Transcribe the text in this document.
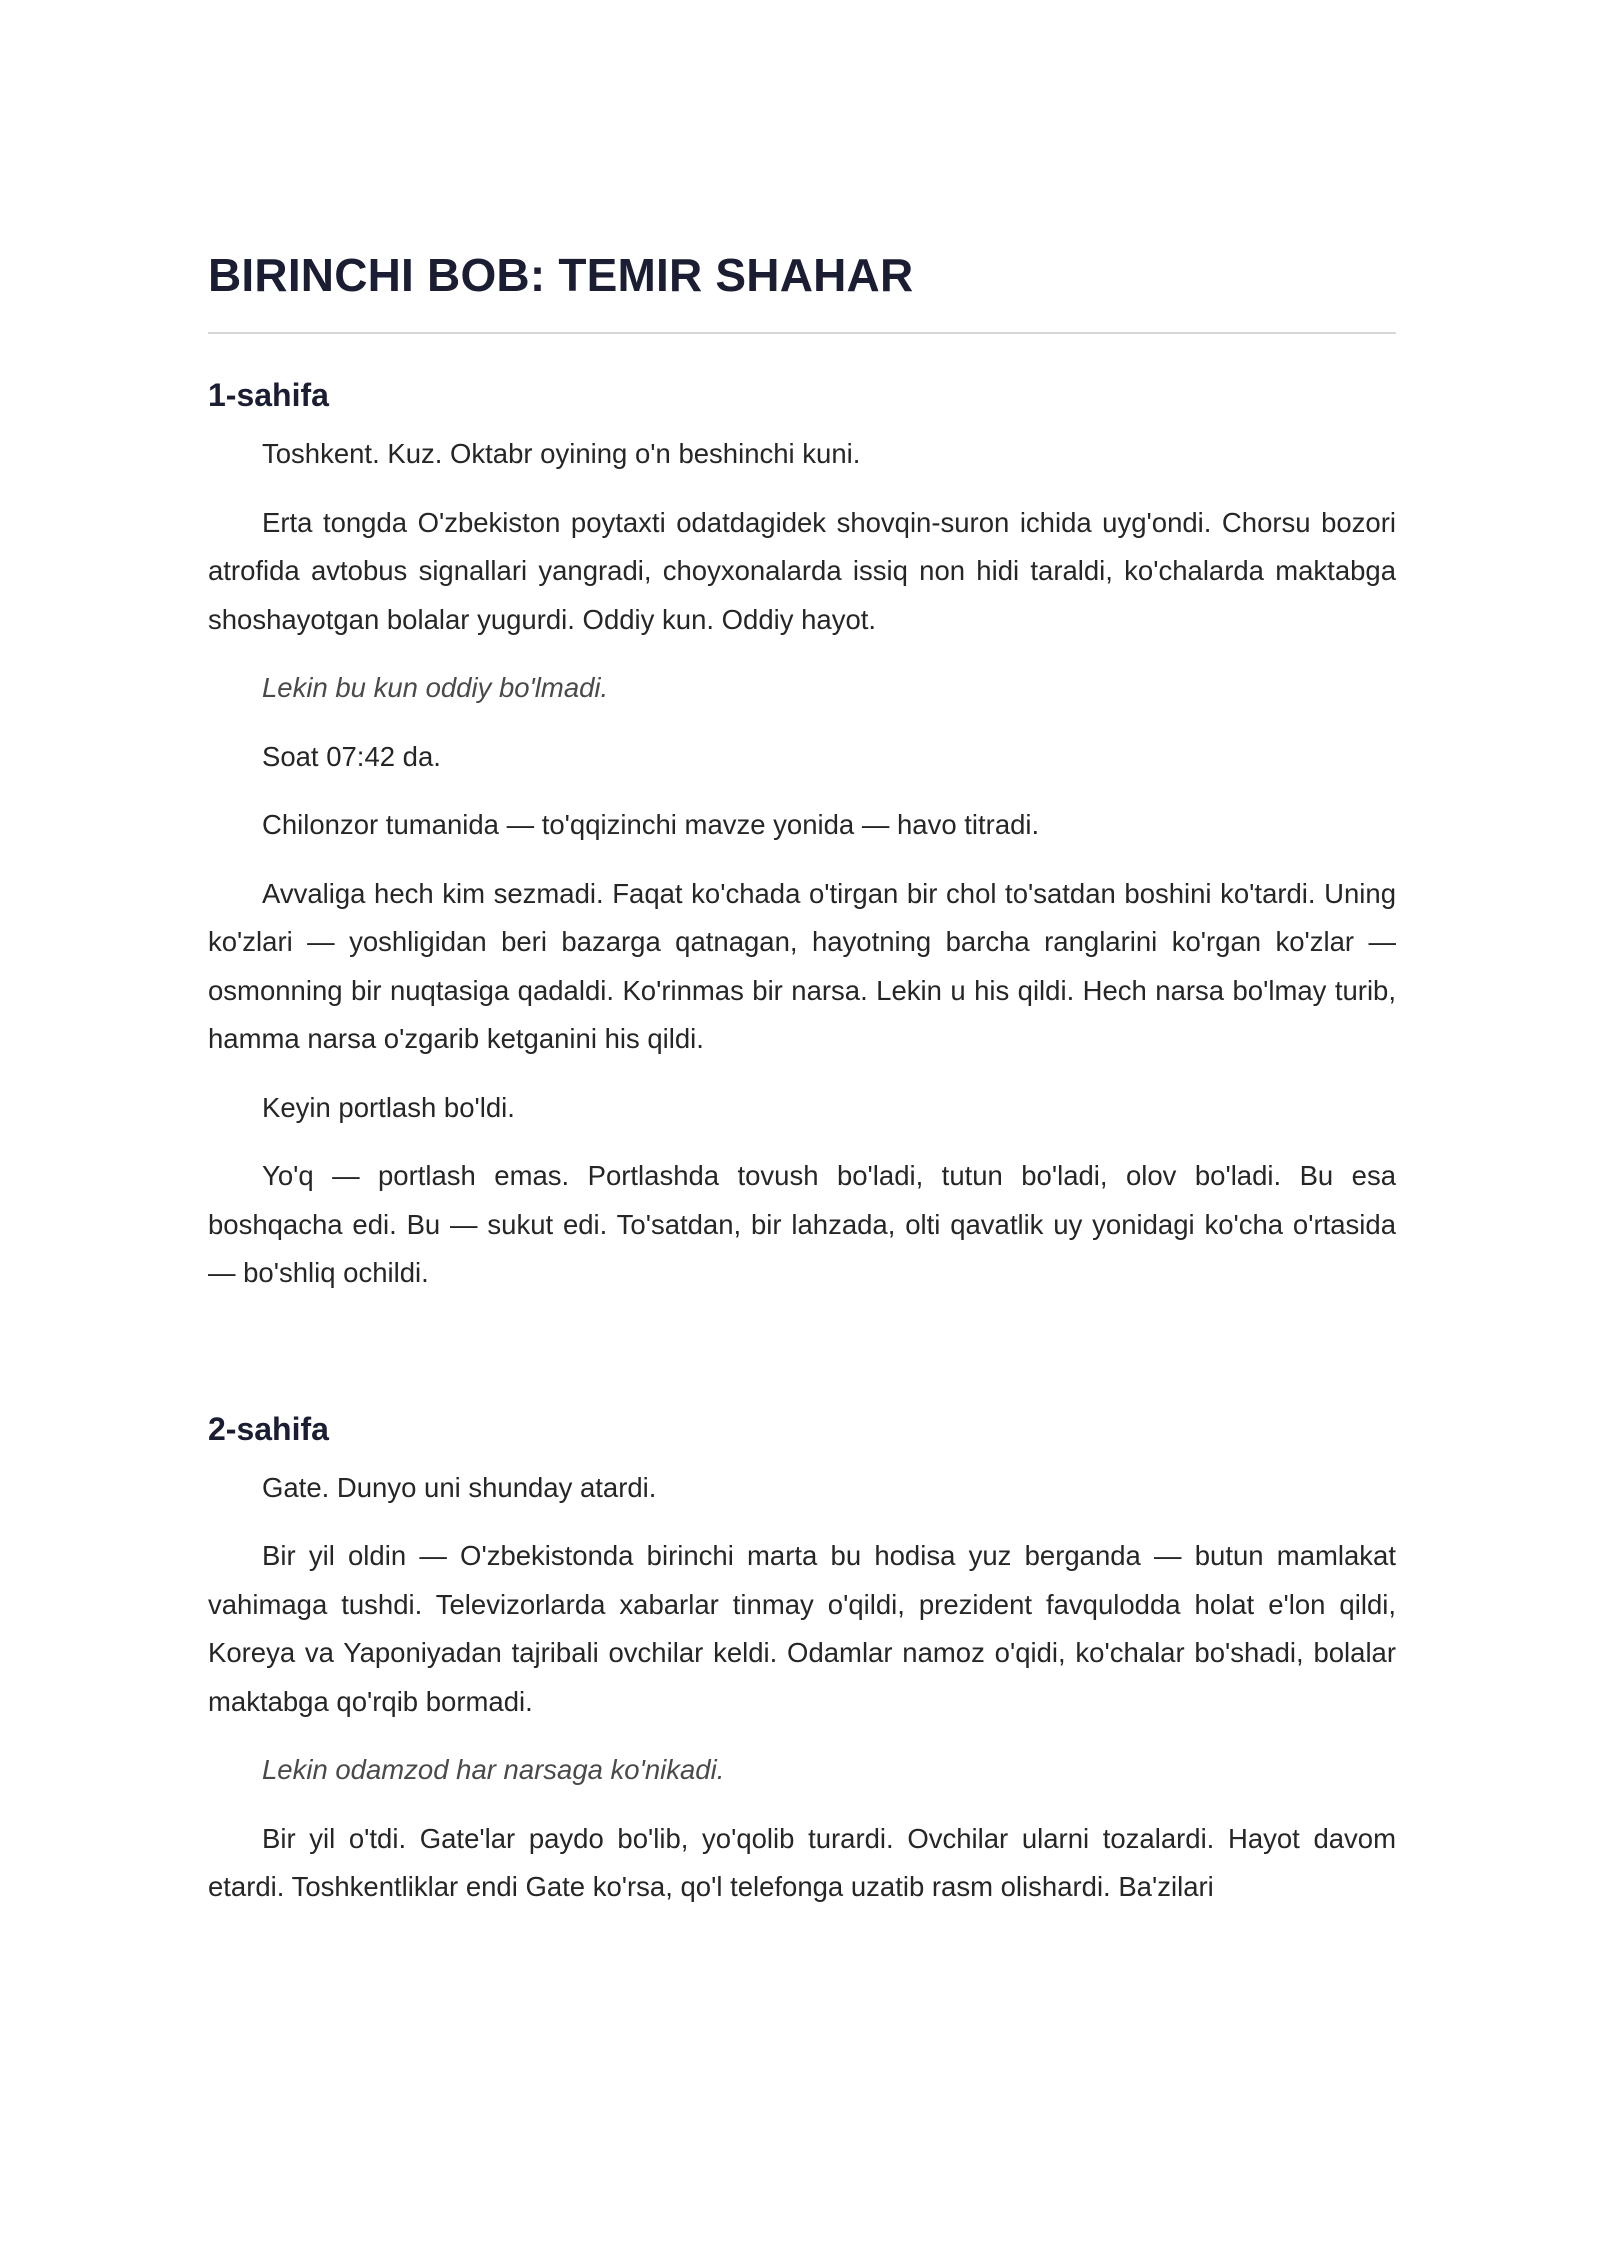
BIRINCHI BOB: TEMIR SHAHAR
1-sahifa

Toshkent. Kuz. Oktabr oyining o'n beshinchi kuni.

Erta tongda O'zbekiston poytaxti odatdagidek shovqin-suron ichida uyg'ondi. Chorsu bozori atrofida avtobus signallari yangradi, choyxonalarda issiq non hidi taraldi, ko'chalarda maktabga shoshayotgan bolalar yugurdi. Oddiy kun. Oddiy hayot.

Lekin bu kun oddiy bo'lmadi.

Soat 07:42 da.

Chilonzor tumanida — to'qqizinchi mavze yonida — havo titradi.

Avvaliga hech kim sezmadi. Faqat ko'chada o'tirgan bir chol to'satdan boshini ko'tardi. Uning ko'zlari — yoshligidan beri bazarga qatnagan, hayotning barcha ranglarini ko'rgan ko'zlar — osmonning bir nuqtasiga qadaldi. Ko'rinmas bir narsa. Lekin u his qildi. Hech narsa bo'lmay turib, hamma narsa o'zgarib ketganini his qildi.

Keyin portlash bo'ldi.

Yo'q — portlash emas. Portlashda tovush bo'ladi, tutun bo'ladi, olov bo'ladi. Bu esa boshqacha edi. Bu — sukut edi. To'satdan, bir lahzada, olti qavatlik uy yonidagi ko'cha o'rtasida — bo'shliq ochildi.

2-sahifa

Gate. Dunyo uni shunday atardi.

Bir yil oldin — O'zbekistonda birinchi marta bu hodisa yuz berganda — butun mamlakat vahimaga tushdi. Televizorlarda xabarlar tinmay o'qildi, prezident favqulodda holat e'lon qildi, Koreya va Yaponiyadan tajribali ovchilar keldi. Odamlar namoz o'qidi, ko'chalar bo'shadi, bolalar maktabga qo'rqib bormadi.

Lekin odamzod har narsaga ko'nikadi.

Bir yil o'tdi. Gate'lar paydo bo'lib, yo'qolib turardi. Ovchilar ularni tozalardi. Hayot davom etardi. Toshkentliklar endi Gate ko'rsa, qo'l telefonga uzatib rasm olishardi. Ba'zilari
